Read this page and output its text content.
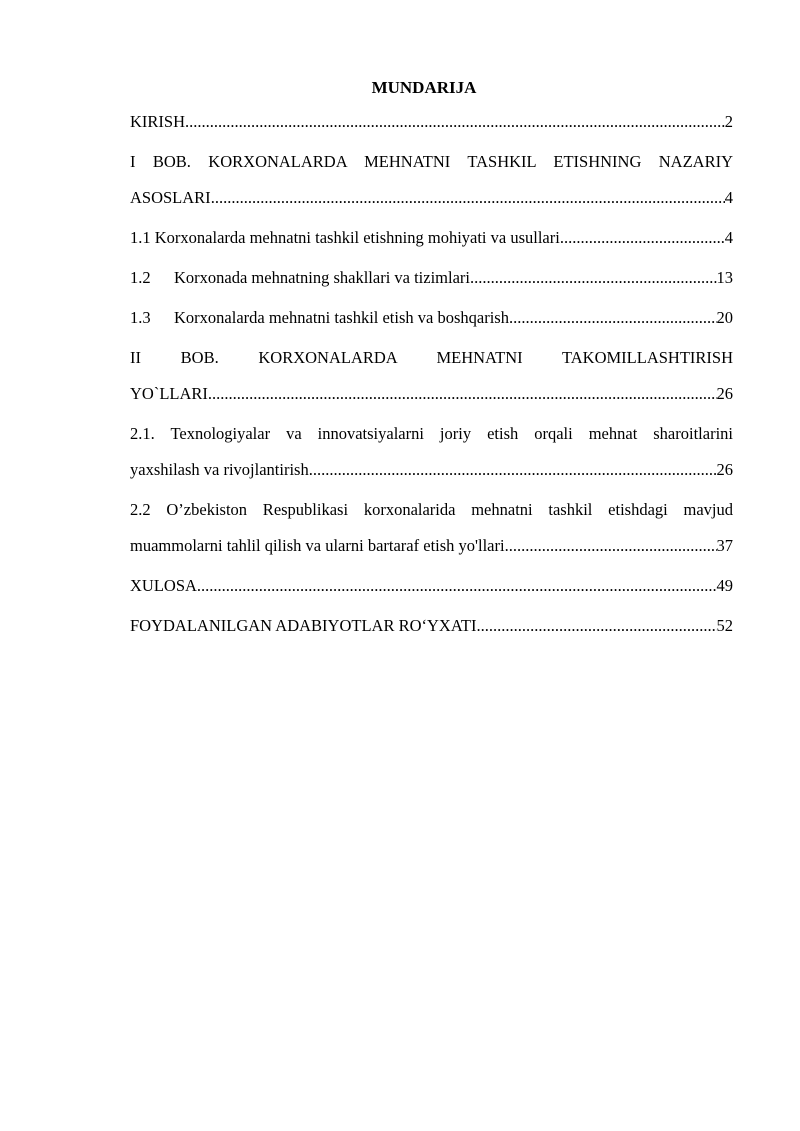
MUNDARIJA
KIRISH .....	2
I BOB. KORXONALARDA MEHNATNI TASHKIL ETISHNING NAZARIY
ASOSLARI .....	4
1.1 Korxonalarda mehnatni tashkil etishning mohiyati va usullari .....	4
1.2 Korxonada mehnatning shakllari va tizimlari .....	13
1.3 Korxonalarda mehnatni tashkil etish va boshqarish .....	20
II BOB. KORXONALARDA MEHNATNI TAKOMILLASHTIRISH
YO`LLARI .....	26
2.1. Texnologiyalar va innovatsiyalarni joriy etish orqali mehnat sharoitlarini
yaxshilash va rivojlantirish .....	26
2.2 O’zbekiston Respublikasi korxonalarida mehnatni tashkil etishdagi mavjud
muammolarni tahlil qilish va ularni bartaraf etish yo'llari .....	37
XULOSA .....	49
FOYDALANILGAN ADABIYOTLAR RO‘YXATI .....	52
